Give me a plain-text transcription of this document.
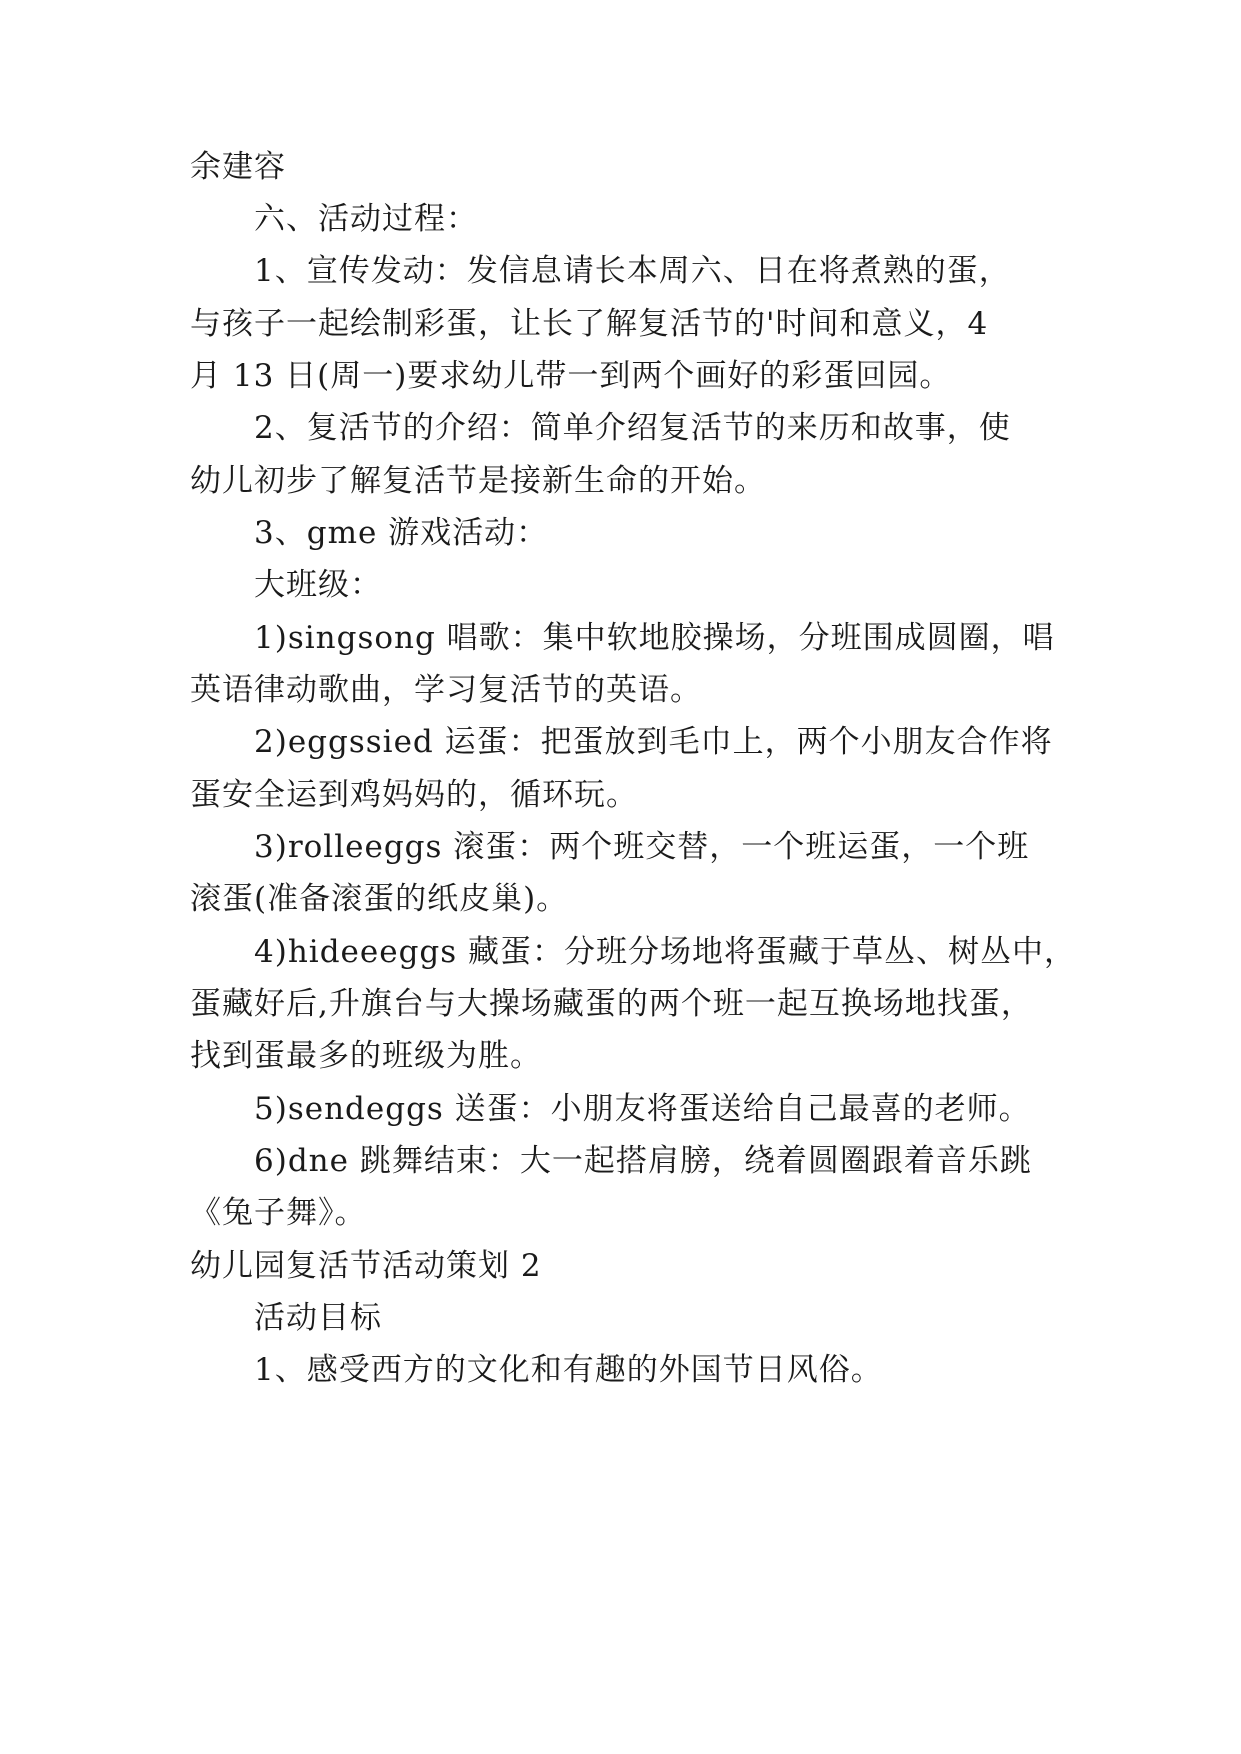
余建容
六、活动过程：
1、宣传发动：发信息请长本周六、日在将煮熟的蛋，
与孩子一起绘制彩蛋，让长了解复活节的'时间和意义，4
月 13 日(周一)要求幼儿带一到两个画好的彩蛋回园。
2、复活节的介绍：简单介绍复活节的来历和故事，使
幼儿初步了解复活节是接新生命的开始。
3、gme 游戏活动：
大班级：
1)singsong 唱歌：集中软地胶操场，分班围成圆圈，唱
英语律动歌曲，学习复活节的英语。
2)eggssied 运蛋：把蛋放到毛巾上，两个小朋友合作将
蛋安全运到鸡妈妈的，循环玩。
3)rolleeggs 滚蛋：两个班交替，一个班运蛋，一个班
滚蛋(准备滚蛋的纸皮巢)。
4)hideeeggs 藏蛋：分班分场地将蛋藏于草丛、树丛中，
蛋藏好后,升旗台与大操场藏蛋的两个班一起互换场地找蛋，
找到蛋最多的班级为胜。
5)sendeggs 送蛋：小朋友将蛋送给自己最喜的老师。
6)dne 跳舞结束：大一起搭肩膀，绕着圆圈跟着音乐跳
《兔子舞》。
幼儿园复活节活动策划 2
活动目标
1、感受西方的文化和有趣的外国节日风俗。
